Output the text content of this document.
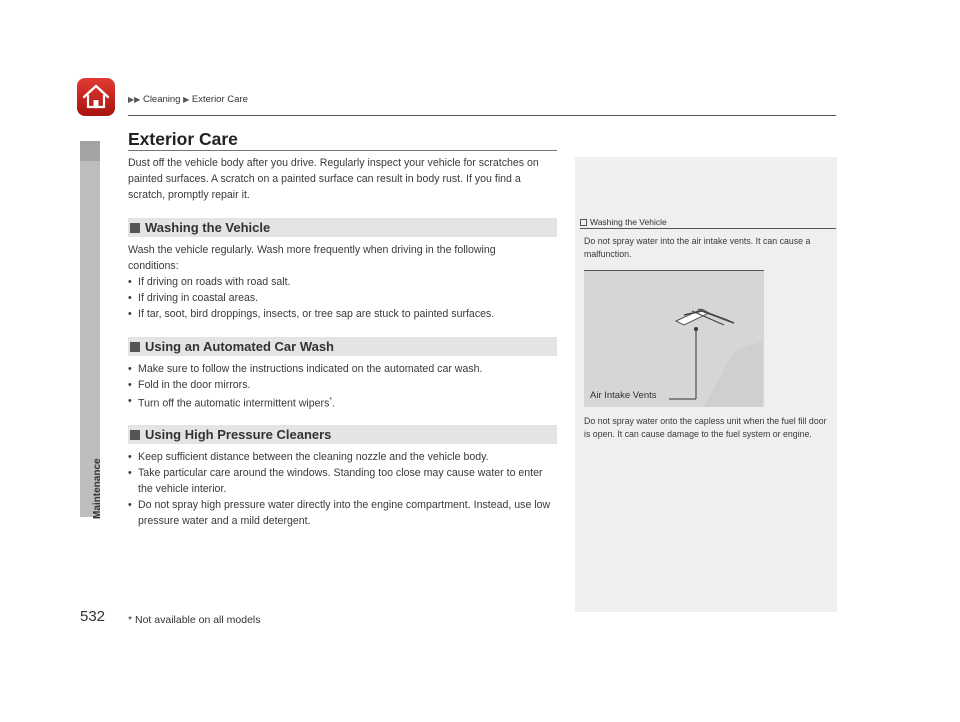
▶▶ Cleaning ▶ Exterior Care
Maintenance
532
Exterior Care
Dust off the vehicle body after you drive. Regularly inspect your vehicle for scratches on painted surfaces. A scratch on a painted surface can result in body rust. If you find a scratch, promptly repair it.
Washing the Vehicle
Wash the vehicle regularly. Wash more frequently when driving in the following conditions:
• If driving on roads with road salt.
• If driving in coastal areas.
• If tar, soot, bird droppings, insects, or tree sap are stuck to painted surfaces.
Using an Automated Car Wash
• Make sure to follow the instructions indicated on the automated car wash.
• Fold in the door mirrors.
• Turn off the automatic intermittent wipers*.
Using High Pressure Cleaners
• Keep sufficient distance between the cleaning nozzle and the vehicle body.
• Take particular care around the windows. Standing too close may cause water to enter the vehicle interior.
• Do not spray high pressure water directly into the engine compartment. Instead, use low pressure water and a mild detergent.
* Not available on all models
Washing the Vehicle
Do not spray water into the air intake vents. It can cause a malfunction.
Air Intake Vents
Do not spray water onto the capless unit when the fuel fill door is open. It can cause damage to the fuel system or engine.
